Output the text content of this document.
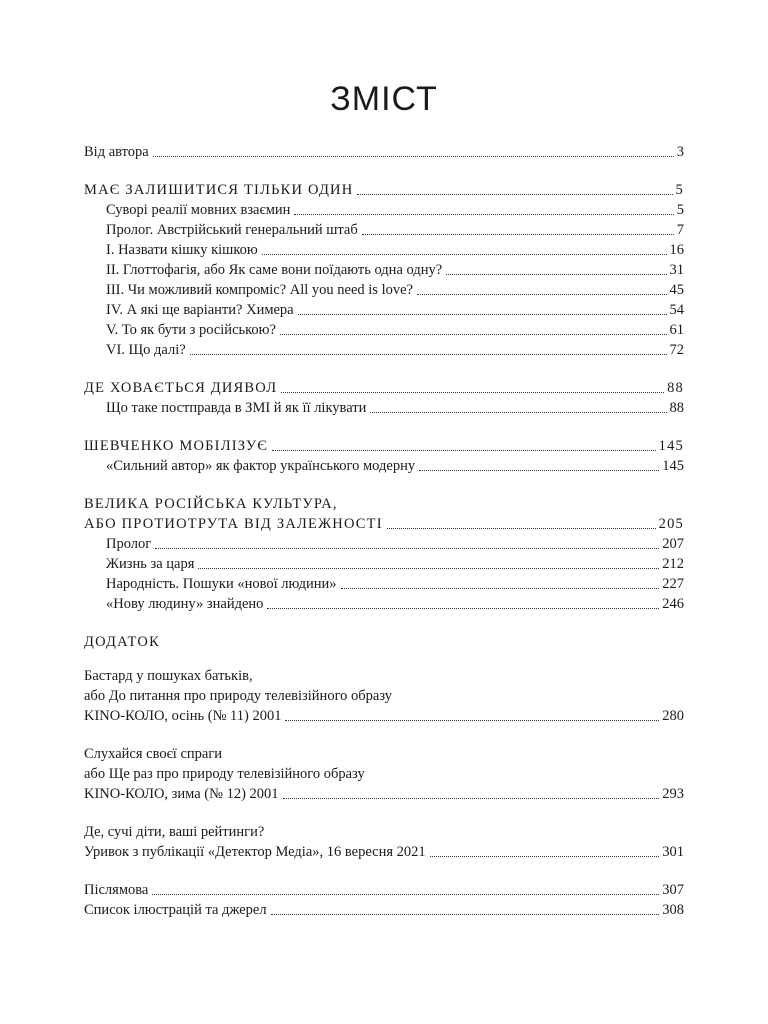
ЗМІСТ
Від автора	3
МАЄ ЗАЛИШИТИСЯ ТІЛЬКИ ОДИН	5
Суворі реалії мовних взаємин	5
Пролог. Австрійський генеральний штаб	7
I. Назвати кішку кішкою	16
II. Глоттофагія, або Як саме вони поїдають одна одну?	31
III. Чи можливий компроміс? All you need is love?	45
IV. А які ще варіанти? Химера	54
V. То як бути з російською?	61
VI. Що далі?	72
ДЕ ХОВАЄТЬСЯ ДИЯВОЛ	88
Що таке постправда в ЗМІ й як її лікувати	88
ШЕВЧЕНКО МОБІЛІЗУЄ	145
«Сильний автор» як фактор українського модерну	145
ВЕЛИКА РОСІЙСЬКА КУЛЬТУРА,
АБО ПРОТИОТРУТА ВІД ЗАЛЕЖНОСТІ	205
Пролог	207
Жизнь за царя	212
Народність. Пошуки «нової людини»	227
«Нову людину» знайдено	246
ДОДАТОК
Бастард у пошуках батьків,
або До питання про природу телевізійного образу
KINO-КОЛО, осінь (№ 11) 2001	280
Слухайся своєї спраги
або Ще раз про природу телевізійного образу
KINO-КОЛО, зима (№ 12) 2001	293
Де, сучі діти, ваші рейтинги?
Уривок з публікації «Детектор Медіа», 16 вересня 2021	301
Післямова	307
Список ілюстрацій та джерел	308
